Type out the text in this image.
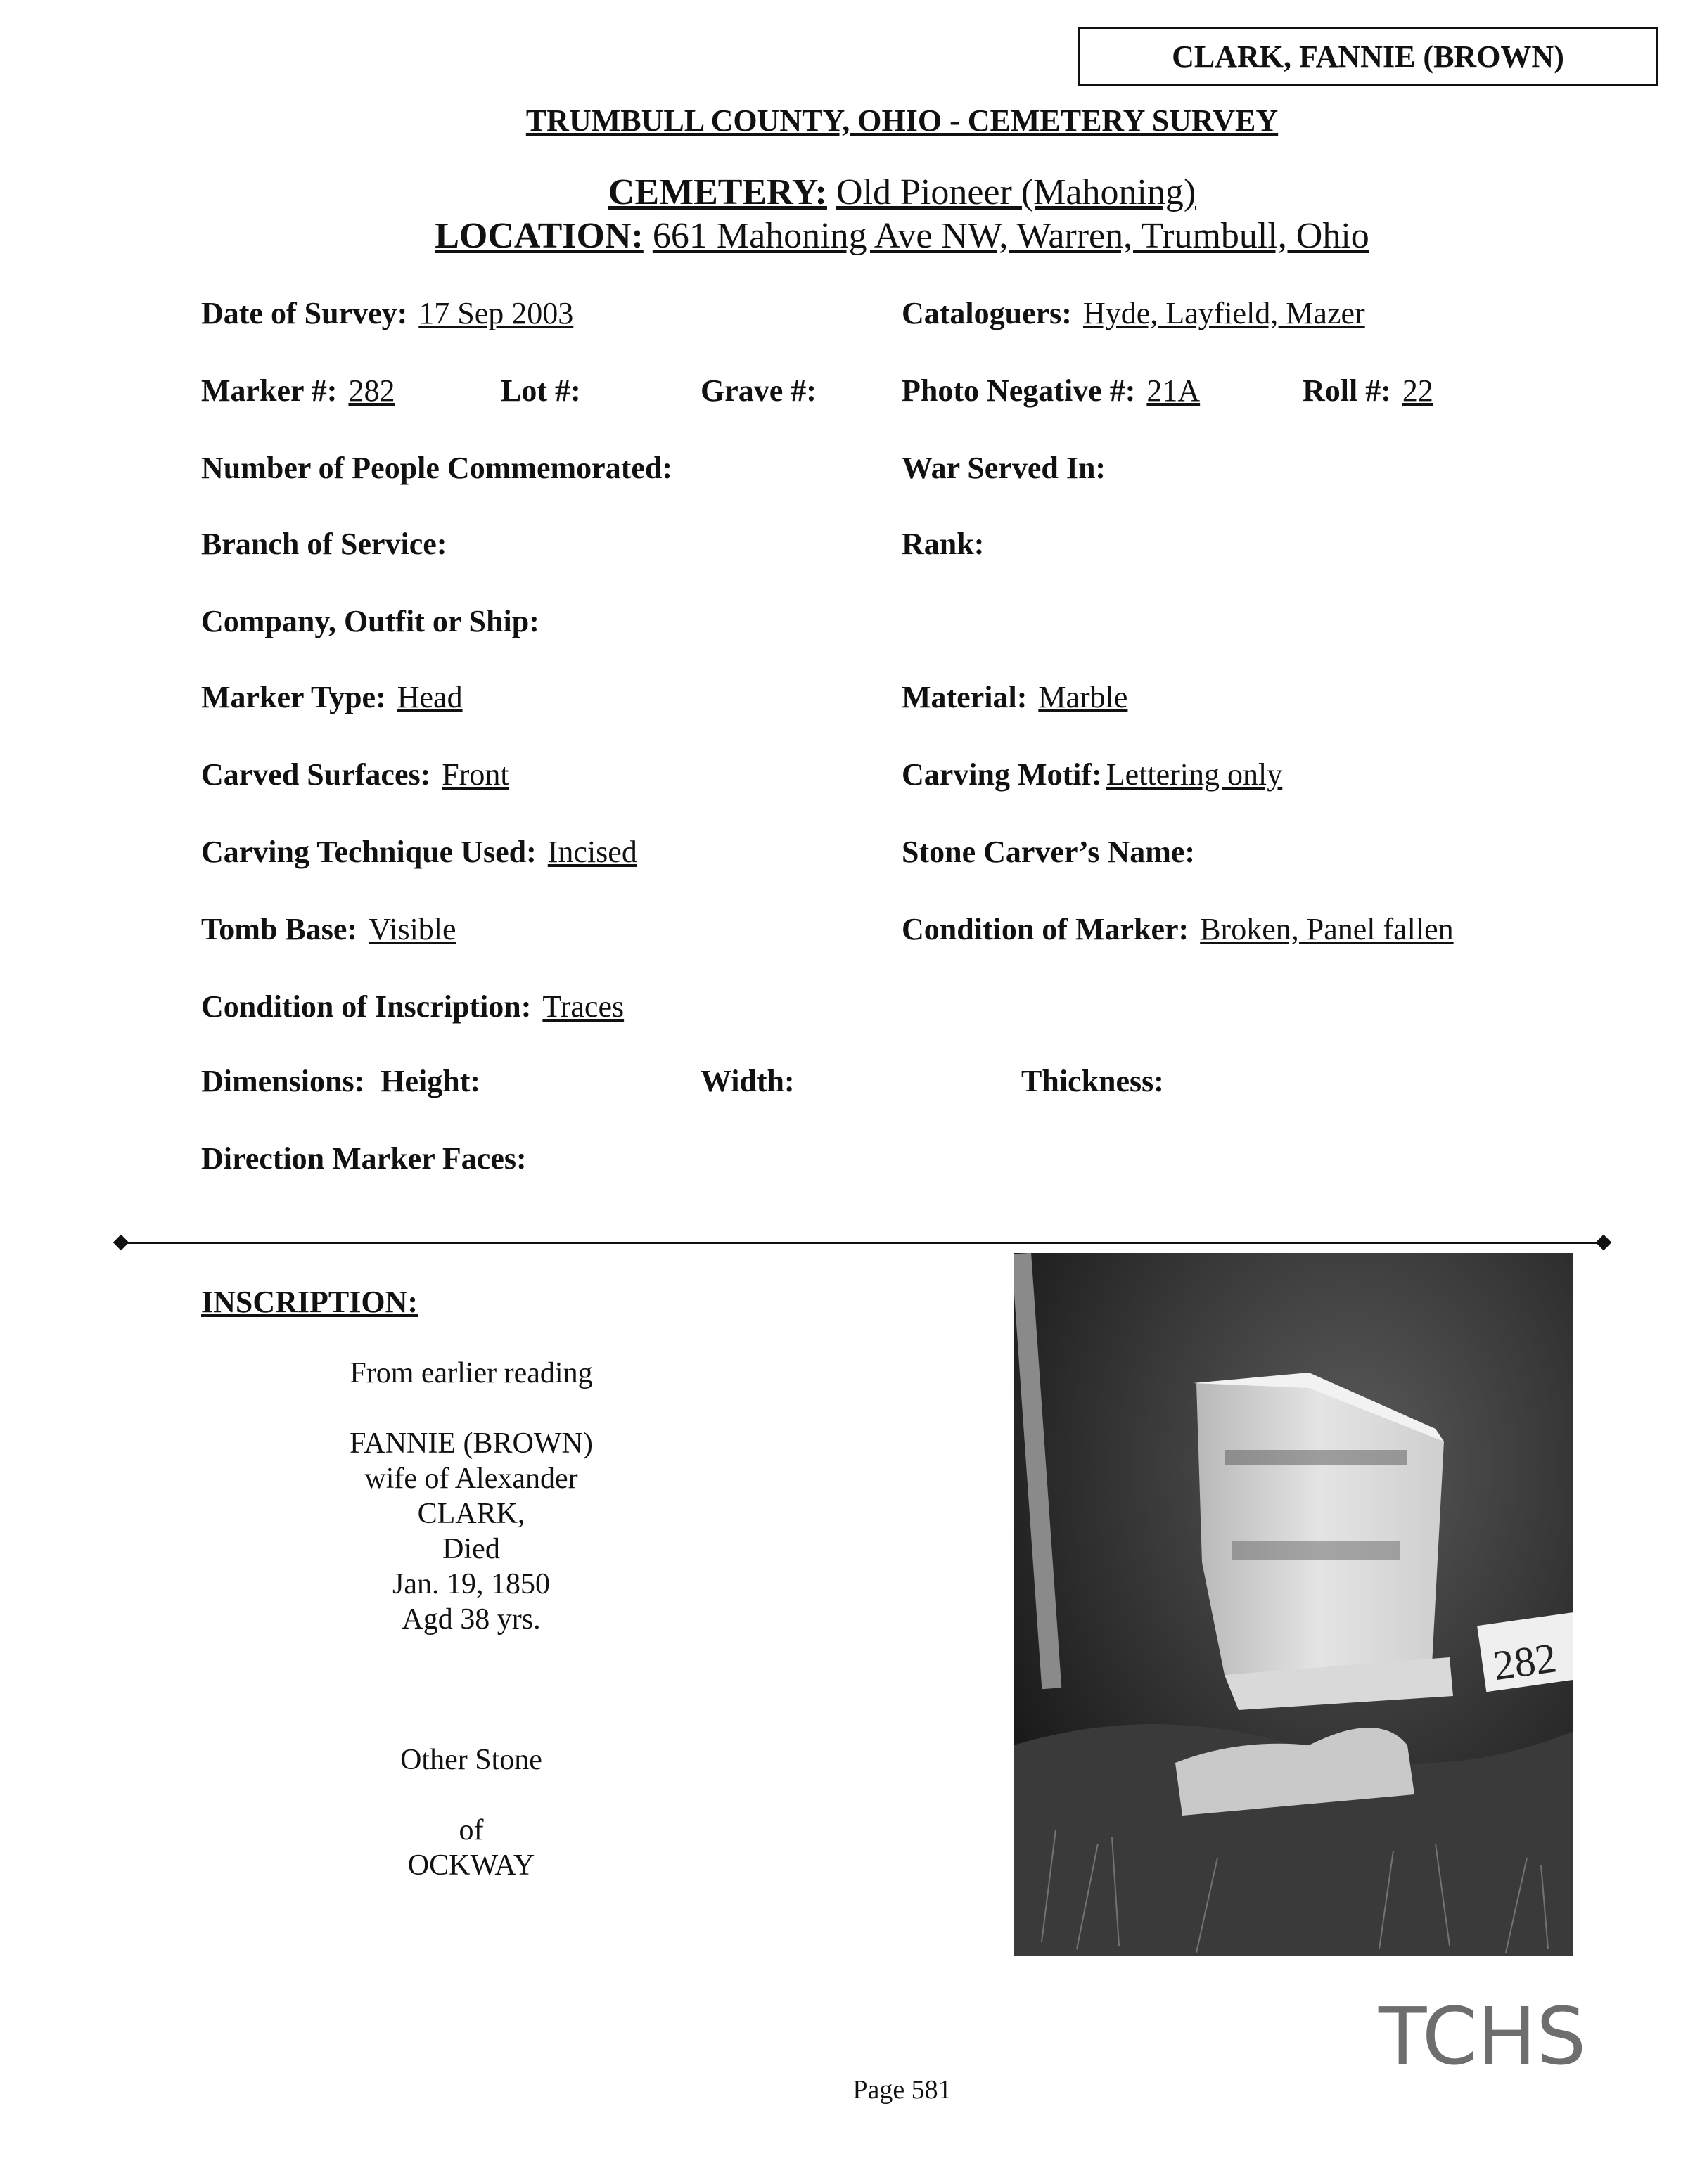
CLARK, FANNIE (BROWN)
TRUMBULL COUNTY, OHIO - CEMETERY SURVEY
CEMETERY: Old Pioneer (Mahoning)
LOCATION: 661 Mahoning Ave NW, Warren, Trumbull, Ohio
Date of Survey: 17 Sep 2003	Cataloguers: Hyde, Layfield, Mazer
Marker #: 282	Lot #:	Grave #:	Photo Negative #: 21A	Roll #: 22
Number of People Commemorated:	War Served In:
Branch of Service:	Rank:
Company, Outfit or Ship:
Marker Type: Head	Material: Marble
Carved Surfaces: Front	Carving Motif: Lettering only
Carving Technique Used: Incised	Stone Carver’s Name:
Tomb Base: Visible	Condition of Marker: Broken, Panel fallen
Condition of Inscription: Traces
Dimensions: Height:	Width:	Thickness:
Direction Marker Faces:
INSCRIPTION:
From earlier reading
FANNIE (BROWN)
wife of Alexander
CLARK,
Died
Jan. 19, 1850
Agd 38 yrs.
Other Stone
of
OCKWAY
282
TCHS
Page 581
